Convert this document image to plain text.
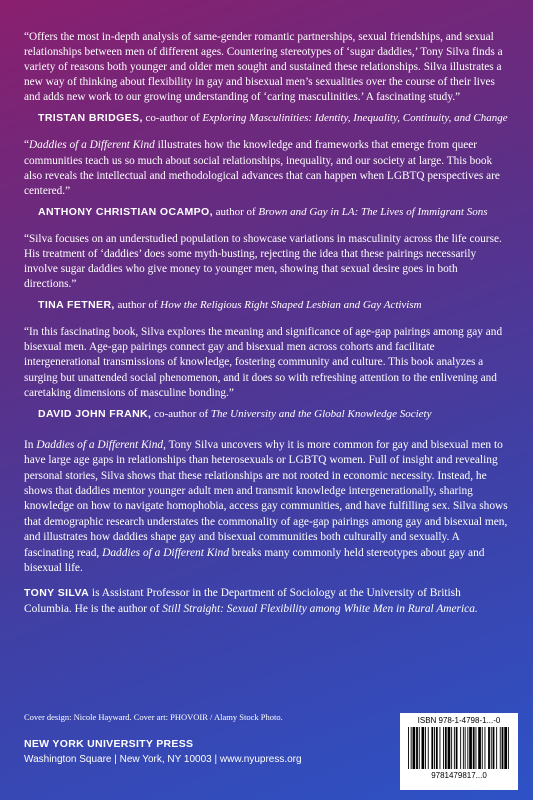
“Offers the most in-depth analysis of same-gender romantic partnerships, sexual friendships, and sexual relationships between men of different ages. Countering stereotypes of ‘sugar daddies,’ Tony Silva finds a variety of reasons both younger and older men sought and sustained these relationships. Silva illustrates a new way of thinking about flexibility in gay and bisexual men’s sexualities over the course of their lives and adds new work to our growing understanding of ‘caring masculinities.’ A fascinating study.”

TRISTAN BRIDGES, co-author of Exploring Masculinities: Identity, Inequality, Continuity, and Change

“Daddies of a Different Kind illustrates how the knowledge and frameworks that emerge from queer communities teach us so much about social relationships, inequality, and our society at large. This book also reveals the intellectual and methodological advances that can happen when LGBTQ perspectives are centered.”

ANTHONY CHRISTIAN OCAMPO, author of Brown and Gay in LA: The Lives of Immigrant Sons

“Silva focuses on an understudied population to showcase variations in masculinity across the life course. His treatment of ‘daddies’ does some myth-busting, rejecting the idea that these pairings necessarily involve sugar daddies who give money to younger men, showing that sexual desire goes in both directions.”

TINA FETNER, author of How the Religious Right Shaped Lesbian and Gay Activism

“In this fascinating book, Silva explores the meaning and significance of age-gap pairings among gay and bisexual men. Age-gap pairings connect gay and bisexual men across cohorts and facilitate intergenerational transmissions of knowledge, fostering community and culture. This book analyzes a surging but unattended social phenomenon, and it does so with refreshing attention to the enlivening and caretaking dimensions of masculine bonding.”

DAVID JOHN FRANK, co-author of The University and the Global Knowledge Society

In Daddies of a Different Kind, Tony Silva uncovers why it is more common for gay and bisexual men to have large age gaps in relationships than heterosexuals or LGBTQ women. Full of insight and revealing personal stories, Silva shows that these relationships are not rooted in economic necessity. Instead, he shows that daddies mentor younger adult men and transmit knowledge intergenerationally, sharing knowledge on how to navigate homophobia, access gay communities, and have fulfilling sex. Silva shows that demographic research understates the commonality of age-gap pairings among gay and bisexual men, and illustrates how daddies shape gay and bisexual communities both culturally and sexually. A fascinating read, Daddies of a Different Kind breaks many commonly held stereotypes about gay and bisexual life.

TONY SILVA is Assistant Professor in the Department of Sociology at the University of British Columbia. He is the author of Still Straight: Sexual Flexibility among White Men in Rural America.

Cover design: Nicole Hayward. Cover art: PHOVOIR / Alamy Stock Photo.
NEW YORK UNIVERSITY PRESS
Washington Square | New York, NY 10003 | www.nyupress.org
ISBN 978-1-4798-1...-0
9781479817...0
